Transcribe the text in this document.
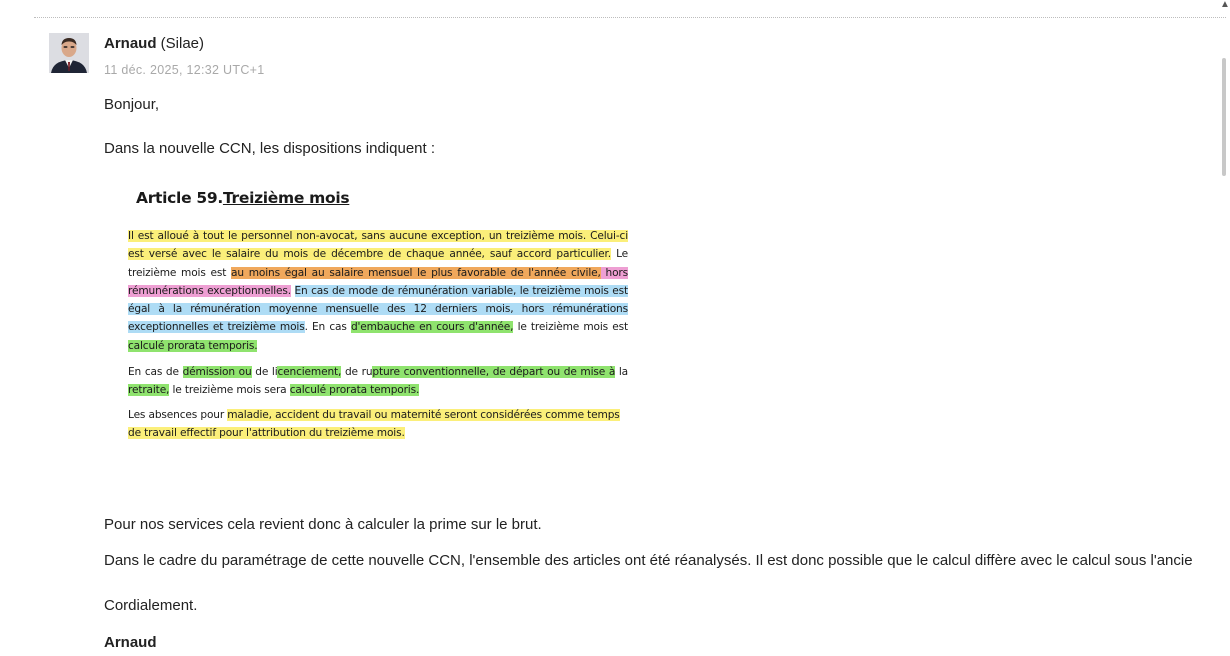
▲
Arnaud (Silae)
11 déc. 2025, 12:32 UTC+1
Bonjour,
Dans la nouvelle CCN, les dispositions indiquent :
Article 59.Treizième mois
Il est alloué à tout le personnel non-avocat, sans aucune exception, un treizième mois. Celui-ci est versé avec le salaire du mois de décembre de chaque année, sauf accord particulier. Le treizième mois est au moins égal au salaire mensuel le plus favorable de l'année civile, hors rémunérations exceptionnelles. En cas de mode de rémunération variable, le treizième mois est égal à la rémunération moyenne mensuelle des 12 derniers mois, hors rémunérations exceptionnelles et treizième mois. En cas d'embauche en cours d'année, le treizième mois est calculé prorata temporis.
En cas de démission ou de licenciement, de rupture conventionnelle, de départ ou de mise à la retraite, le treizième mois sera calculé prorata temporis.
Les absences pour maladie, accident du travail ou maternité seront considérées comme temps de travail effectif pour l'attribution du treizième mois.
Pour nos services cela revient donc à calculer la prime sur le brut.
Dans le cadre du paramétrage de cette nouvelle CCN, l'ensemble des articles ont été réanalysés. Il est donc possible que le calcul diffère avec le calcul sous l'ancie
Cordialement.
Arnaud
